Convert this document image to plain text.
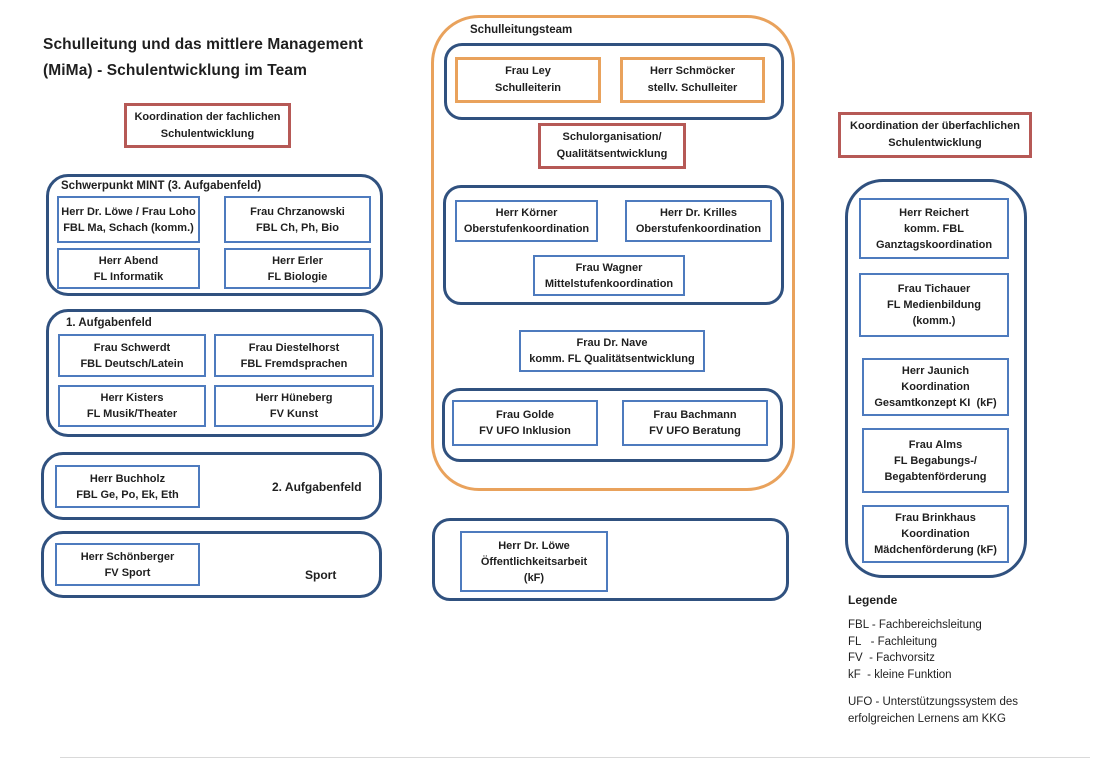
Schulleitung und das mittlere Management
(MiMa) - Schulentwicklung im Team
Koordination der fachlichen
Schulentwicklung
Schwerpunkt MINT (3. Aufgabenfeld)
Herr Dr. Löwe / Frau Loho
FBL Ma, Schach (komm.)
Frau Chrzanowski
FBL Ch, Ph, Bio
Herr Abend
FL Informatik
Herr Erler
FL Biologie
1. Aufgabenfeld
Frau Schwerdt
FBL Deutsch/Latein
Frau Diestelhorst
FBL Fremdsprachen
Herr Kisters
FL Musik/Theater
Herr Hüneberg
FV Kunst
Herr Buchholz
FBL Ge, Po, Ek, Eth
2. Aufgabenfeld
Herr Schönberger
FV Sport	Sport
Schulleitungsteam
Frau Ley
Schulleiterin
Herr Schmöcker
stellv. Schulleiter
Schulorganisation/
Qualitätsentwicklung
Herr Körner
Oberstufenkoordination
Herr Dr. Krilles
Oberstufenkoordination
Frau Wagner
Mittelstufenkoordination
Frau Dr. Nave
komm. FL Qualitätsentwicklung
Frau Golde
FV UFO Inklusion
Frau Bachmann
FV UFO Beratung
Herr Dr. Löwe
Öffentlichkeitsarbeit
(kF)
Koordination der überfachlichen
Schulentwicklung
Herr Reichert
komm. FBL
Ganztagskoordination
Frau Tichauer
FL Medienbildung
(komm.)
Herr Jaunich
Koordination
Gesamtkonzept KI  (kF)
Frau Alms
FL Begabungs-/
Begabtenförderung
Frau Brinkhaus
Koordination
Mädchenförderung (kF)
Legende
FBL - Fachbereichsleitung
FL   - Fachleitung
FV  - Fachvorsitz
kF  - kleine Funktion
UFO - Unterstützungssystem des
erfolgreichen Lernens am KKG
